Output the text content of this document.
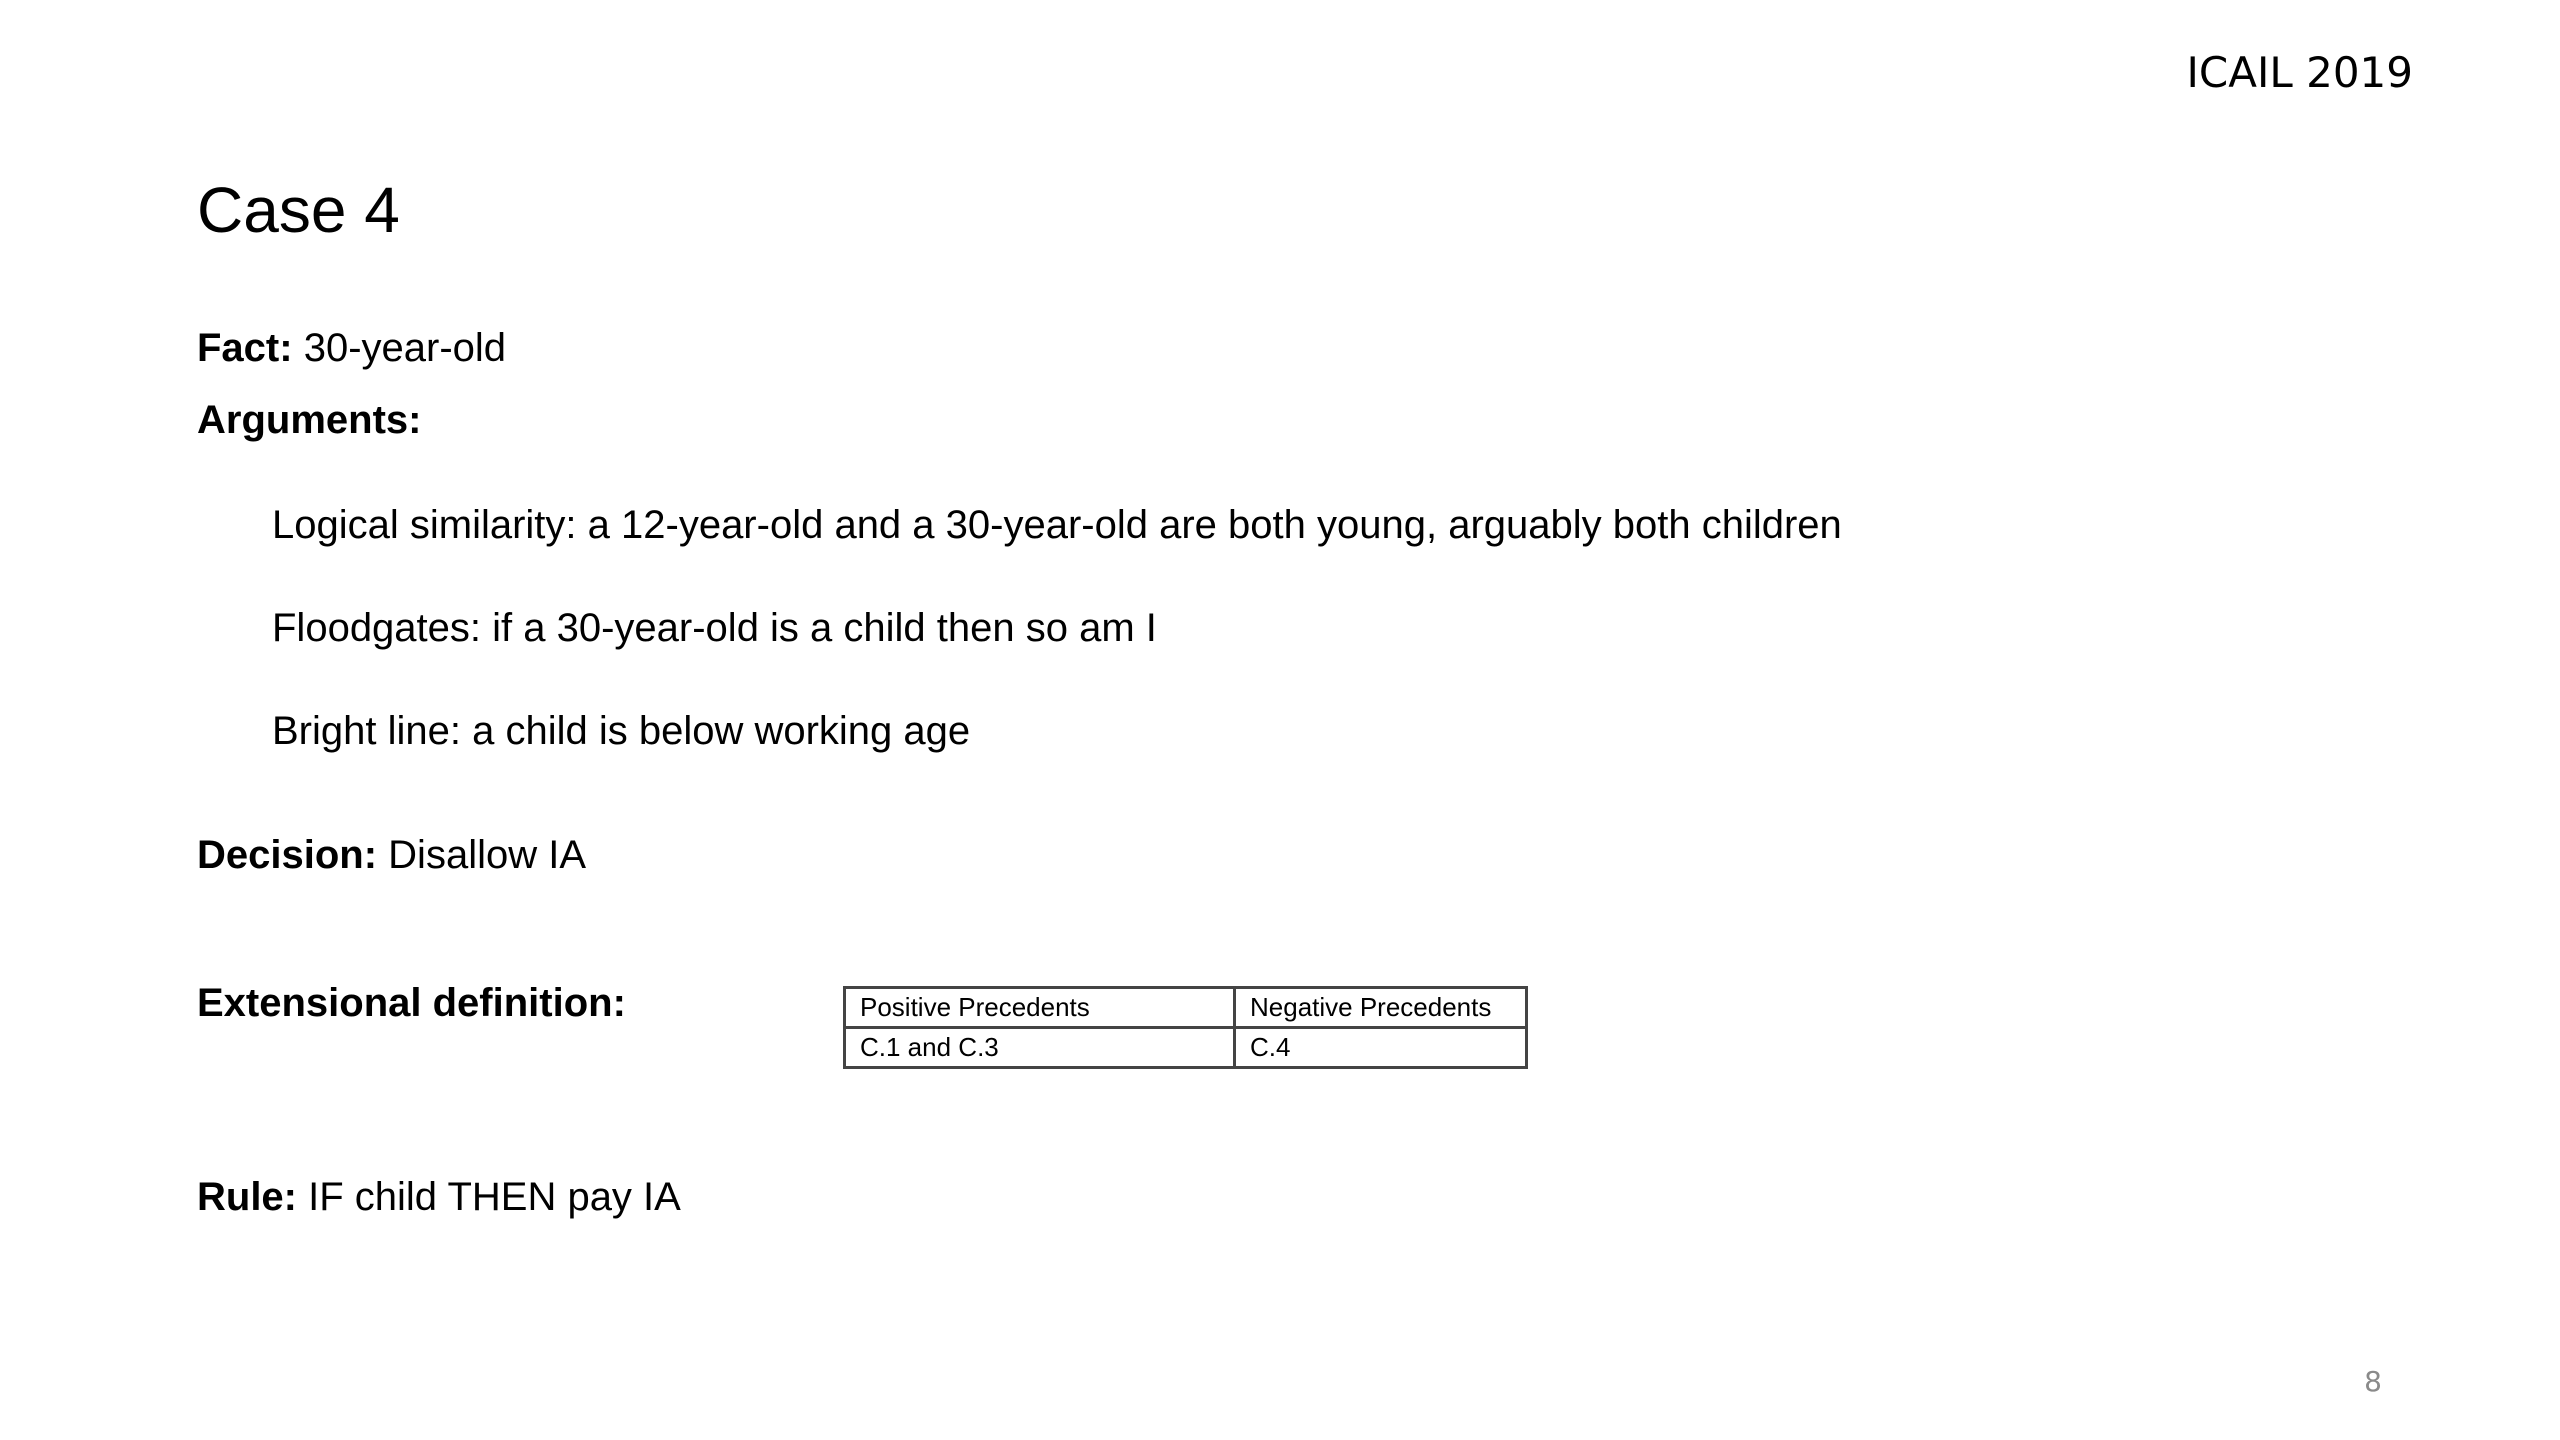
ICAIL 2019
Case 4
Fact: 30-year-old
Arguments:
Logical similarity: a 12-year-old and a 30-year-old are both young, arguably both children
Floodgates: if a 30-year-old is a child then so am I
Bright line: a child is below working age
Decision: Disallow IA
Extensional definition:	Positive Precedents	Negative Precedents
C.1 and C.3	C.4
Rule: IF child THEN pay IA
8
